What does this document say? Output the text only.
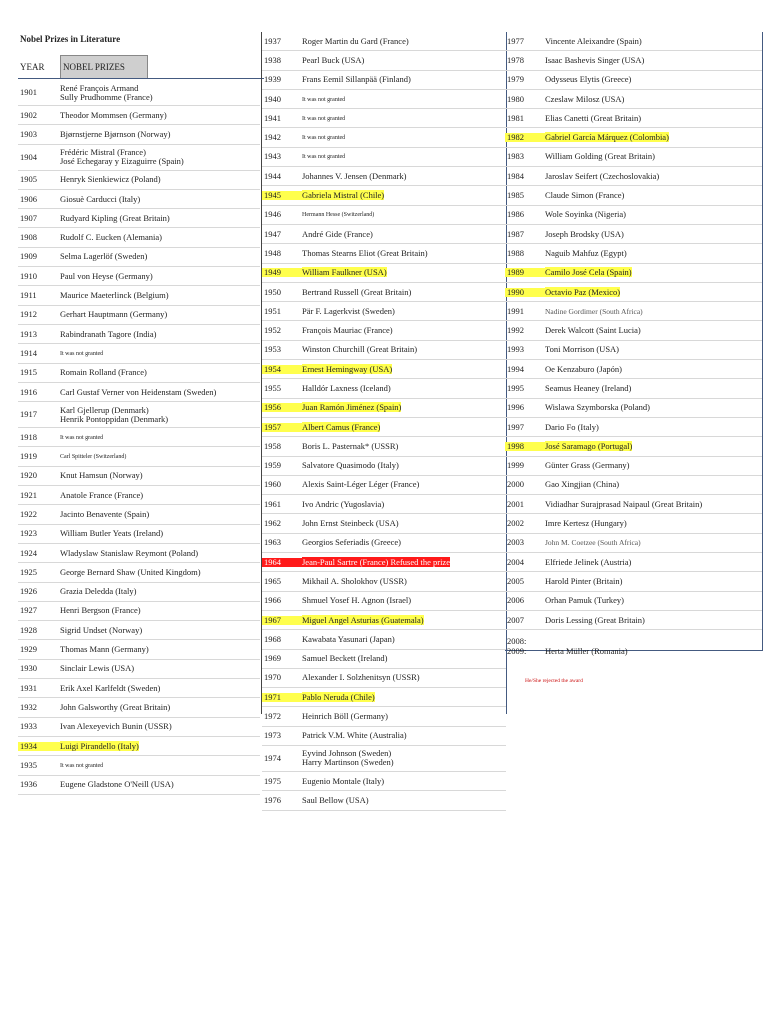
Nobel Prizes in Literature
YEAR	NOBEL PRIZES
1901	René François Armand
Sully Prudhomme (France)
1902	Theodor Mommsen (Germany)
1903	Bjørnstjerne Bjørnson (Norway)
1904	Frédéric Mistral (France)
José Echegaray y Eizaguirre (Spain)
1905	Henryk Sienkiewicz (Poland)
1906	Giosuè Carducci (Italy)
1907	Rudyard Kipling (Great Britain)
1908	Rudolf C. Eucken (Alemania)
1909	Selma Lagerlöf (Sweden)
1910	Paul von Heyse (Germany)
1911	Maurice Maeterlinck (Belgium)
1912	Gerhart Hauptmann (Germany)
1913	Rabindranath Tagore (India)
1914	It was not granted
1915	Romain Rolland (France)
1916	Carl Gustaf Verner von Heidenstam (Sweden)
1917	Karl Gjellerup (Denmark)
Henrik Pontoppidan (Denmark)
1918	It was not granted
1919	Carl Spitteler (Switzerland)
1920	Knut Hamsun (Norway)
1921	Anatole France (France)
1922	Jacinto Benavente (Spain)
1923	William Butler Yeats (Ireland)
1924	Wladyslaw Stanislaw Reymont (Poland)
1925	George Bernard Shaw (United Kingdom)
1926	Grazia Deledda (Italy)
1927	Henri Bergson (France)
1928	Sigrid Undset (Norway)
1929	Thomas Mann (Germany)
1930	Sinclair Lewis (USA)
1931	Erik Axel Karlfeldt (Sweden)
1932	John Galsworthy (Great Britain)
1933	Ivan Alexeyevich Bunin (USSR)
1934	Luigi Pirandello (Italy)
1935	It was not granted
1936	Eugene Gladstone O'Neill (USA)
1937	Roger Martin du Gard (France)
1938	Pearl Buck (USA)
1939	Frans Eemil Sillanpää (Finland)
1940	It was not granted
1941	It was not granted
1942	It was not granted
1943	It was not granted
1944	Johannes V. Jensen (Denmark)
1945	Gabriela Mistral (Chile)
1946	Hermann Hesse (Switzerland)
1947	André Gide (France)
1948	Thomas Stearns Eliot (Great Britain)
1949	William Faulkner (USA)
1950	Bertrand Russell (Great Britain)
1951	Pär F. Lagerkvist (Sweden)
1952	François Mauriac (France)
1953	Winston Churchill (Great Britain)
1954	Ernest Hemingway (USA)
1955	Halldór Laxness (Iceland)
1956	Juan Ramón Jiménez (Spain)
1957	Albert Camus (France)
1958	Boris L. Pasternak* (USSR)
1959	Salvatore Quasimodo (Italy)
1960	Alexis Saint-Léger Léger (France)
1961	Ivo Andric (Yugoslavia)
1962	John Ernst Steinbeck (USA)
1963	Georgios Seferiadis (Greece)
1964	Jean-Paul Sartre (France) Refused the prize
1965	Mikhail A. Sholokhov (USSR)
1966	Shmuel Yosef H. Agnon (Israel)
1967	Miguel Angel Asturias (Guatemala)
1968	Kawabata Yasunari (Japan)
1969	Samuel Beckett (Ireland)
1970	Alexander I. Solzhenitsyn (USSR)
1971	Pablo Neruda (Chile)
1972	Heinrich Böll (Germany)
1973	Patrick V.M. White (Australia)
1974	Eyvind Johnson (Sweden)
Harry Martinson (Sweden)
1975	Eugenio Montale (Italy)
1976	Saul Bellow (USA)
1977	Vincente Aleixandre (Spain)
1978	Isaac Bashevis Singer (USA)
1979	Odysseus Elytis (Greece)
1980	Czeslaw Milosz (USA)
1981	Elias Canetti (Great Britain)
1982	Gabriel García Márquez (Colombia)
1983	William Golding (Great Britain)
1984	Jaroslav Seifert (Czechoslovakia)
1985	Claude Simon (France)
1986	Wole Soyinka (Nigeria)
1987	Joseph Brodsky (USA)
1988	Naguib Mahfuz (Egypt)
1989	Camilo José Cela (Spain)
1990	Octavio Paz (Mexico)
1991	Nadine Gordimer (South Africa)
1992	Derek Walcott (Saint Lucia)
1993	Toni Morrison (USA)
1994	Oe Kenzaburo (Japón)
1995	Seamus Heaney (Ireland)
1996	Wislawa Szymborska (Poland)
1997	Dario Fo (Italy)
1998	José Saramago (Portugal)
1999	Günter Grass (Germany)
2000	Gao Xingjian (China)
2001	Vidiadhar Surajprasad Naipaul (Great Britain)
2002	Imre Kertesz (Hungary)
2003	John M. Coetzee (South Africa)
2004	Elfriede Jelinek (Austria)
2005	Harold Pinter (Britain)
2006	Orhan Pamuk (Turkey)
2007	Doris Lessing (Great Britain)
2008:
2009:	Herta Müller (Romania)
He/She rejected the award
